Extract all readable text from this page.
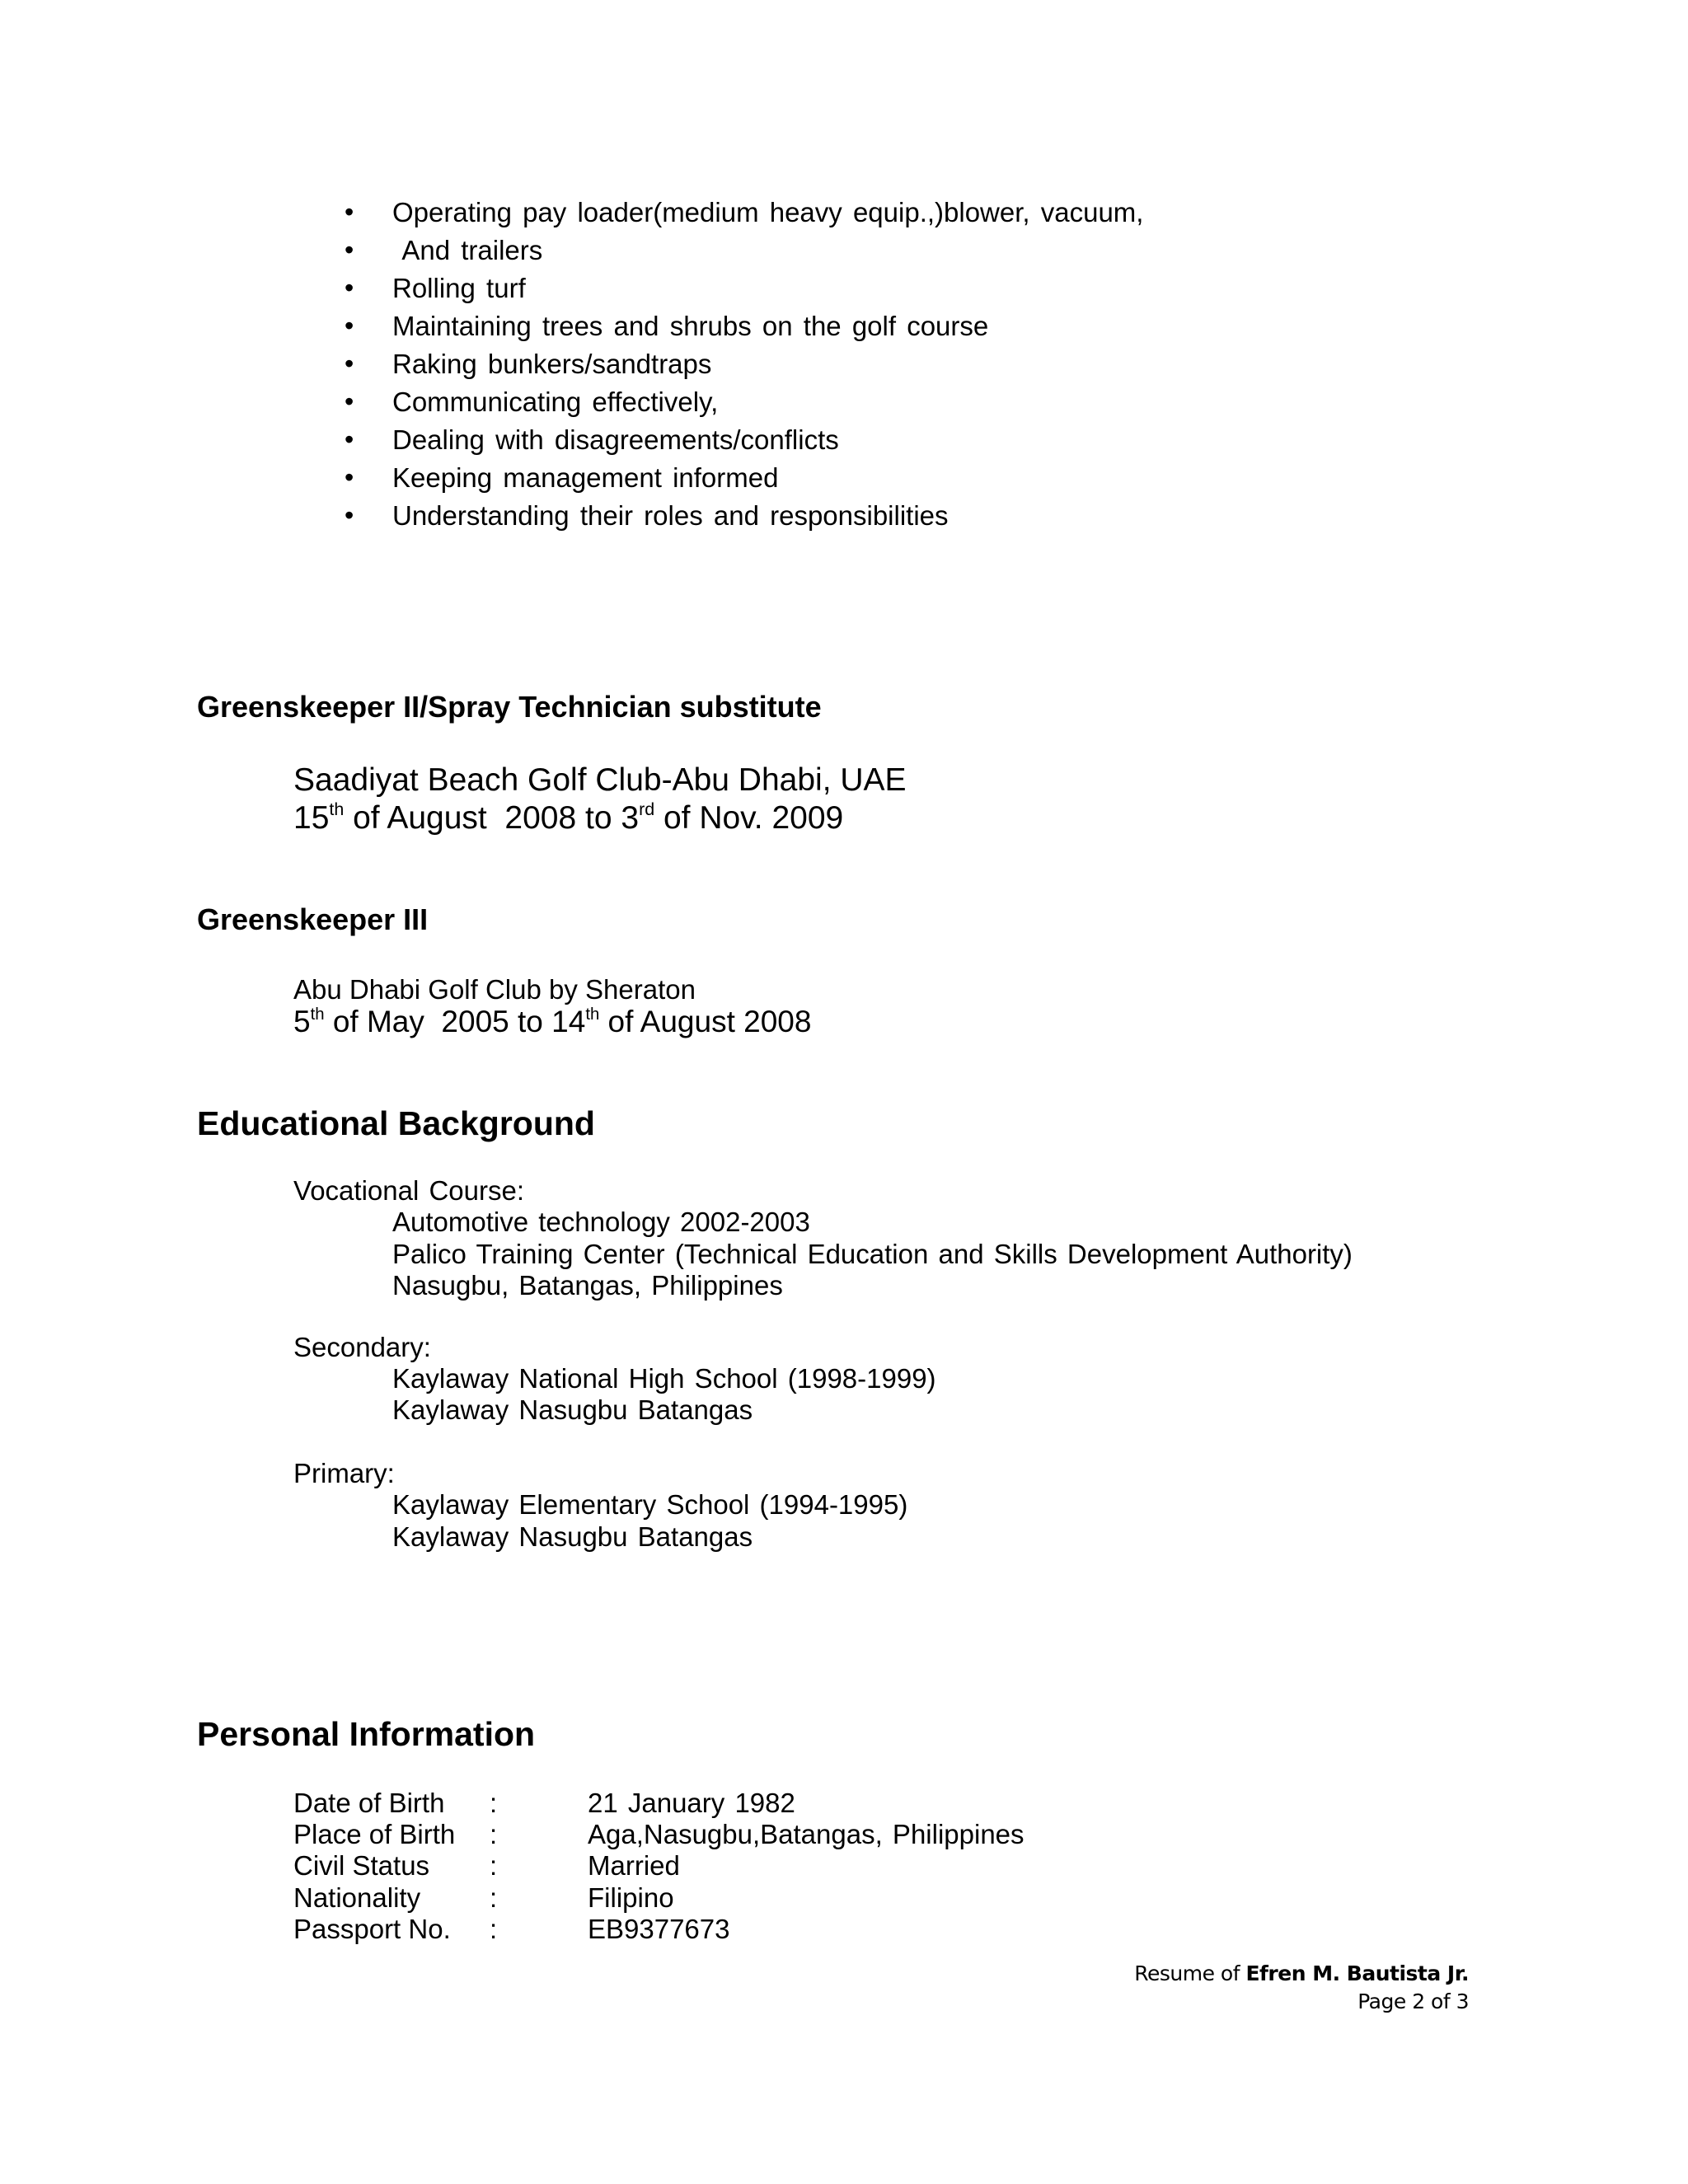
• Operating pay loader(medium heavy equip.,)blower, vacuum,
• And trailers
• Rolling turf
• Maintaining trees and shrubs on the golf course
• Raking bunkers/sandtraps
• Communicating effectively,
• Dealing with disagreements/conflicts
• Keeping management informed
• Understanding their roles and responsibilities
Greenskeeper II/Spray Technician substitute
Saadiyat Beach Golf Club-Abu Dhabi, UAE
15th of August  2008 to 3rd of Nov. 2009
Greenskeeper III
Abu Dhabi Golf Club by Sheraton
5th of May  2005 to 14th of August 2008
Educational Background
Vocational Course:
Automotive technology 2002-2003
Palico Training Center (Technical Education and Skills Development Authority)
Nasugbu, Batangas, Philippines
Secondary:
Kaylaway National High School (1998-1999)
Kaylaway Nasugbu Batangas
Primary:
Kaylaway Elementary School (1994-1995)
Kaylaway Nasugbu Batangas
Personal Information
Date of Birth :	21 January 1982
Place of Birth :	Aga,Nasugbu,Batangas, Philippines
Civil Status :	Married
Nationality	:	Filipino
Passport No. :	EB9377673
Resume of Efren M. Bautista Jr.
Page 2 of 3
